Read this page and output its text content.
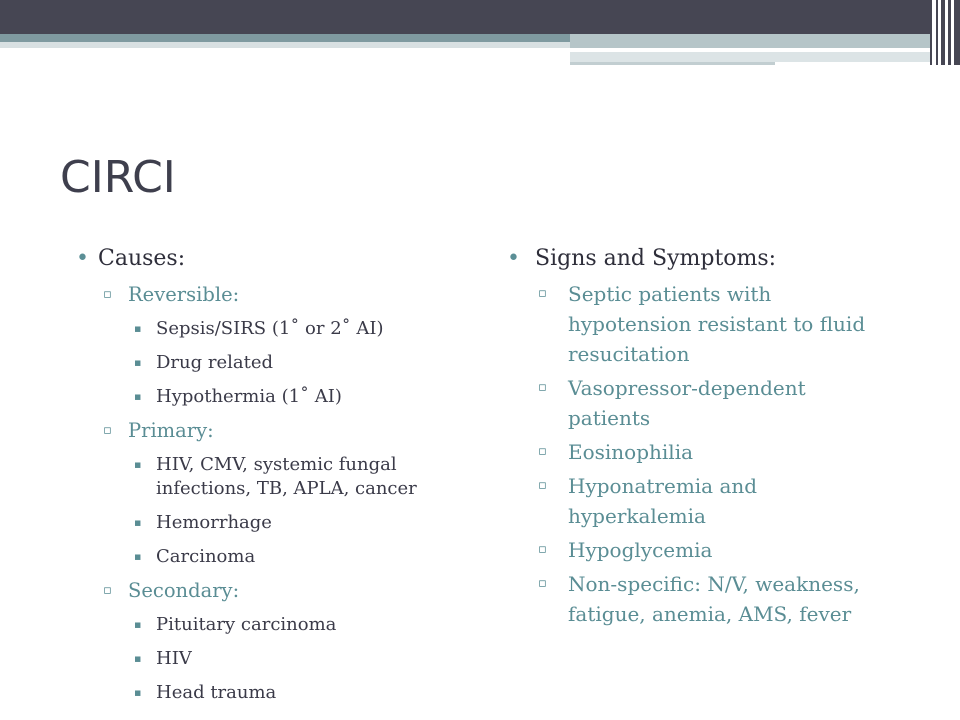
CIRCI

• Causes:

▫ Reversible:

▪ Sepsis/SIRS (1˚ or 2˚ AI)

▪ Drug related

▪ Hypothermia (1˚ AI)

▫ Primary:

▪ HIV, CMV, systemic fungal infections, TB, APLA, cancer

▪ Hemorrhage

▪ Carcinoma

▫ Secondary:

▪ Pituitary carcinoma

▪ HIV

▪ Head trauma

• Signs and Symptoms:

▫ Septic patients with hypotension resistant to fluid resucitation

▫ Vasopressor-dependent patients

▫ Eosinophilia

▫ Hyponatremia and hyperkalemia

▫ Hypoglycemia

▫ Non-specific: N/V, weakness, fatigue, anemia, AMS, fever
